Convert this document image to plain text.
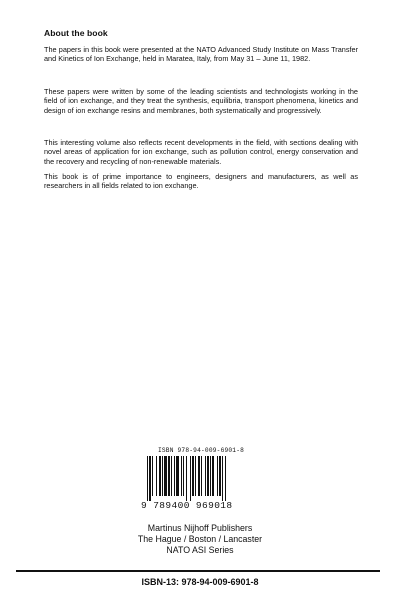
About the book

The papers in this book were presented at the NATO Advanced Study Institute on Mass Transfer and Kinetics of Ion Exchange, held in Maratea, Italy, from May 31 – June 11, 1982.

These papers were written by some of the leading scientists and technologists working in the field of ion exchange, and they treat the synthesis, equilibria, transport phenomena, kinetics and design of ion exchange resins and membranes, both systematically and progressively.

This interesting volume also reflects recent developments in the field, with sections dealing with novel areas of application for ion exchange, such as pollution control, energy conservation and the recovery and recycling of non-renewable materials.

This book is of prime importance to engineers, designers and manufacturers, as well as researchers in all fields related to ion exchange.

ISBN 978-94-009-6901-8
9 789400 969018
Martinus Nijhoff Publishers
The Hague / Boston / Lancaster
NATO ASI Series
ISBN-13: 978-94-009-6901-8
